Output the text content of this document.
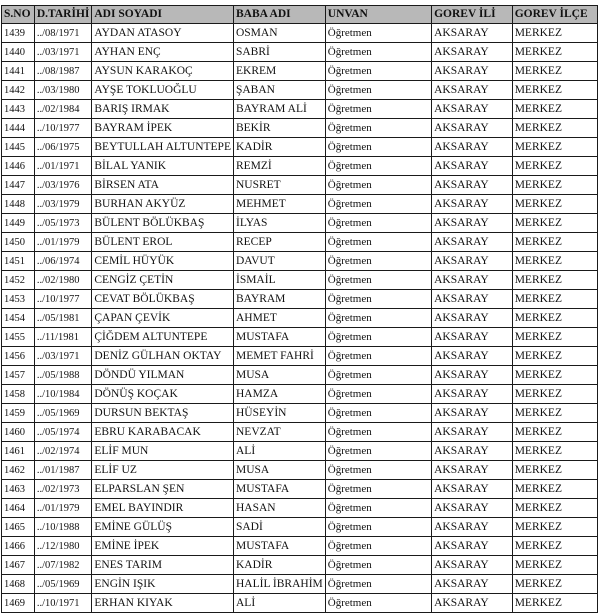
S.NO	D.TARİHİ	ADI SOYADI	BABA ADI	UNVAN	GOREV İLİ	GOREV İLÇE
1439	../08/1971	AYDAN ATASOY	OSMAN	Öğretmen	AKSARAY	MERKEZ
1440	../03/1971	AYHAN ENÇ	SABRİ	Öğretmen	AKSARAY	MERKEZ
1441	../08/1987	AYSUN KARAKOÇ	EKREM	Öğretmen	AKSARAY	MERKEZ
1442	../03/1980	AYŞE TOKLUOĞLU	ŞABAN	Öğretmen	AKSARAY	MERKEZ
1443	../02/1984	BARIŞ IRMAK	BAYRAM ALİ	Öğretmen	AKSARAY	MERKEZ
1444	../10/1977	BAYRAM İPEK	BEKİR	Öğretmen	AKSARAY	MERKEZ
1445	../06/1975	BEYTULLAH ALTUNTEPE	KADİR	Öğretmen	AKSARAY	MERKEZ
1446	../01/1971	BİLAL YANIK	REMZİ	Öğretmen	AKSARAY	MERKEZ
1447	../03/1976	BİRSEN ATA	NUSRET	Öğretmen	AKSARAY	MERKEZ
1448	../03/1979	BURHAN AKYÜZ	MEHMET	Öğretmen	AKSARAY	MERKEZ
1449	../05/1973	BÜLENT BÖLÜKBAŞ	İLYAS	Öğretmen	AKSARAY	MERKEZ
1450	../01/1979	BÜLENT EROL	RECEP	Öğretmen	AKSARAY	MERKEZ
1451	../06/1974	CEMİL HÜYÜK	DAVUT	Öğretmen	AKSARAY	MERKEZ
1452	../02/1980	CENGİZ ÇETİN	İSMAİL	Öğretmen	AKSARAY	MERKEZ
1453	../10/1977	CEVAT BÖLÜKBAŞ	BAYRAM	Öğretmen	AKSARAY	MERKEZ
1454	../05/1981	ÇAPAN ÇEVİK	AHMET	Öğretmen	AKSARAY	MERKEZ
1455	../11/1981	ÇİĞDEM ALTUNTEPE	MUSTAFA	Öğretmen	AKSARAY	MERKEZ
1456	../03/1971	DENİZ GÜLHAN OKTAY	MEMET FAHRİ	Öğretmen	AKSARAY	MERKEZ
1457	../05/1988	DÖNDÜ YILMAN	MUSA	Öğretmen	AKSARAY	MERKEZ
1458	../10/1984	DÖNÜŞ KOÇAK	HAMZA	Öğretmen	AKSARAY	MERKEZ
1459	../05/1969	DURSUN BEKTAŞ	HÜSEYİN	Öğretmen	AKSARAY	MERKEZ
1460	../05/1974	EBRU KARABACAK	NEVZAT	Öğretmen	AKSARAY	MERKEZ
1461	../02/1974	ELİF MUN	ALİ	Öğretmen	AKSARAY	MERKEZ
1462	../01/1987	ELİF UZ	MUSA	Öğretmen	AKSARAY	MERKEZ
1463	../02/1973	ELPARSLAN ŞEN	MUSTAFA	Öğretmen	AKSARAY	MERKEZ
1464	../01/1979	EMEL BAYINDIR	HASAN	Öğretmen	AKSARAY	MERKEZ
1465	../10/1988	EMİNE GÜLÜŞ	SADİ	Öğretmen	AKSARAY	MERKEZ
1466	../12/1980	EMİNE İPEK	MUSTAFA	Öğretmen	AKSARAY	MERKEZ
1467	../07/1982	ENES TARIM	KADİR	Öğretmen	AKSARAY	MERKEZ
1468	../05/1969	ENGİN IŞIK	HALİL İBRAHİM	Öğretmen	AKSARAY	MERKEZ
1469	../10/1971	ERHAN KIYAK	ALİ	Öğretmen	AKSARAY	MERKEZ
